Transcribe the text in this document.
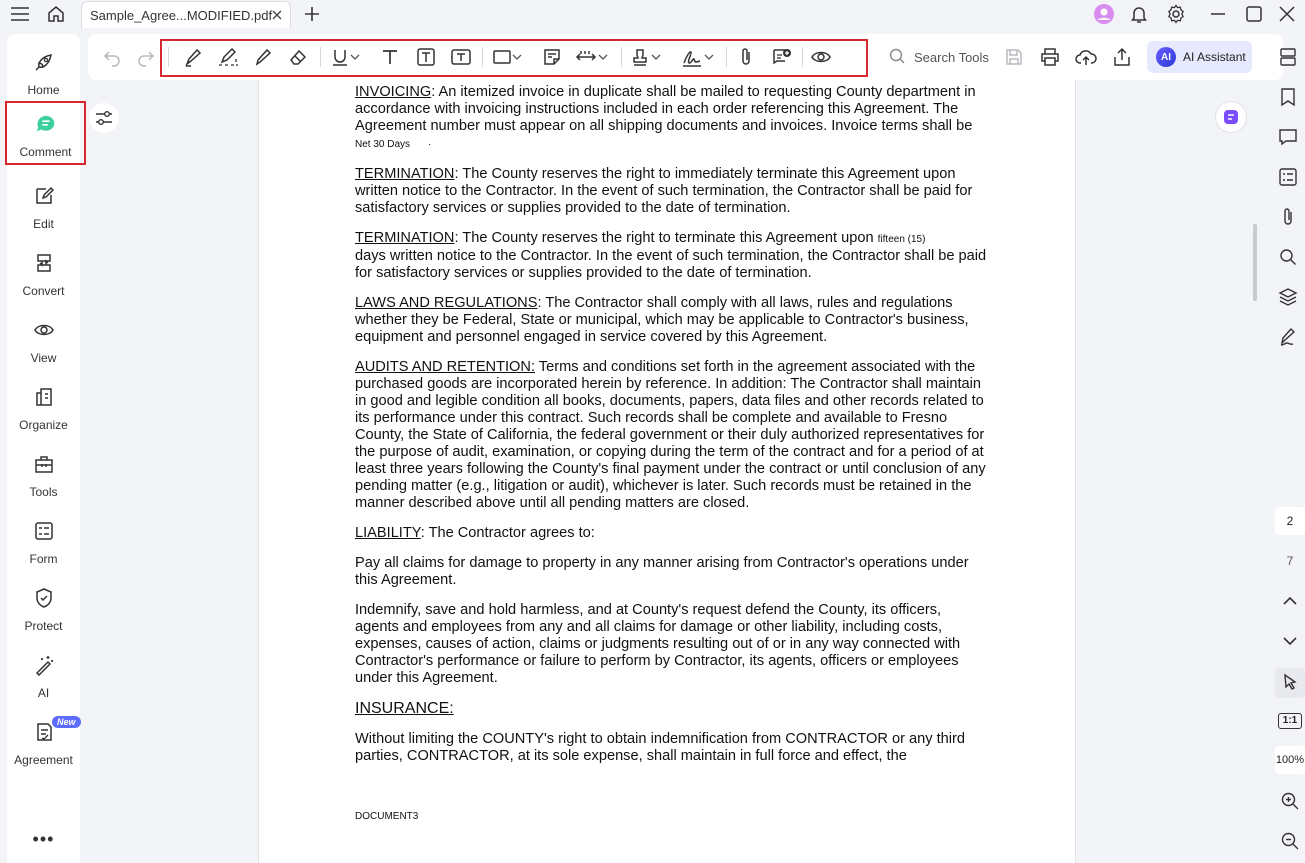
Sample_Agree...MODIFIED.pdf
Home
Comment
Edit
Convert
View
Organize
Tools
Form
Protect
AI
New
Agreement
•••
Search Tools	AI	AI Assistant
INVOICING: An itemized invoice in duplicate shall be mailed to requesting County department in accordance with invoicing instructions included in each order referencing this Agreement. The Agreement number must appear on all shipping documents and invoices. Invoice terms shall be
Net 30 Days ·
TERMINATION: The County reserves the right to immediately terminate this Agreement upon written notice to the Contractor. In the event of such termination, the Contractor shall be paid for satisfactory services or supplies provided to the date of termination.
TERMINATION: The County reserves the right to terminate this Agreement upon fifteen (15)
days written notice to the Contractor. In the event of such termination, the Contractor shall be paid for satisfactory services or supplies provided to the date of termination.
LAWS AND REGULATIONS: The Contractor shall comply with all laws, rules and regulations whether they be Federal, State or municipal, which may be applicable to Contractor's business, equipment and personnel engaged in service covered by this Agreement.
AUDITS AND RETENTION: Terms and conditions set forth in the agreement associated with the purchased goods are incorporated herein by reference. In addition: The Contractor shall maintain in good and legible condition all books, documents, papers, data files and other records related to its performance under this contract. Such records shall be complete and available to Fresno County, the State of California, the federal government or their duly authorized representatives for the purpose of audit, examination, or copying during the term of the contract and for a period of at least three years following the County's final payment under the contract or until conclusion of any pending matter (e.g., litigation or audit), whichever is later. Such records must be retained in the manner described above until all pending matters are closed.
LIABILITY: The Contractor agrees to:
Pay all claims for damage to property in any manner arising from Contractor's operations under this Agreement.
Indemnify, save and hold harmless, and at County's request defend the County, its officers, agents and employees from any and all claims for damage or other liability, including costs, expenses, causes of action, claims or judgments resulting out of or in any way connected with Contractor's performance or failure to perform by Contractor, its agents, officers or employees under this Agreement.
INSURANCE:
Without limiting the COUNTY's right to obtain indemnification from CONTRACTOR or any third parties, CONTRACTOR, at its sole expense, shall maintain in full force and effect, the
DOCUMENT3
2
7
1:1
100%
